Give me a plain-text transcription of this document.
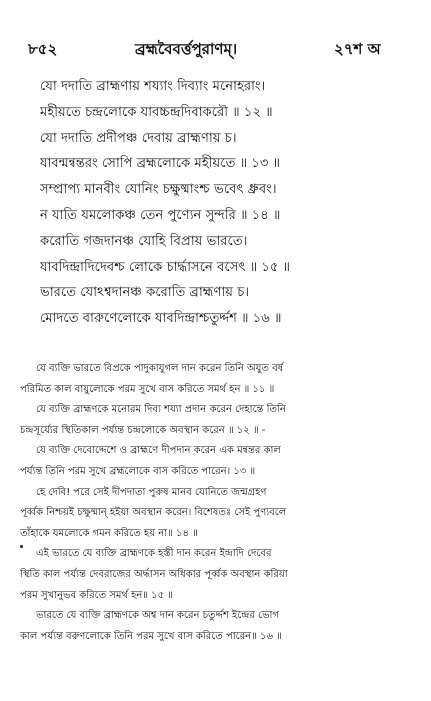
৮৫২	ব্রহ্মবৈবর্ত্তপুরাণম্।	২৭শ অ
যো দদাতি ব্রাহ্মণায় শয্যাং দিব্যাং মনোহরাং।
মহীয়তে চন্দ্রলোকে যাবচ্চন্দ্রদিবাকরৌ ॥ ১২ ॥
যো দদাতি প্রদীপঞ্চ দেবায় ব্রাহ্মণায় চ।
যাবন্মন্বন্তরং সোপি ব্রহ্মলোকে মহীয়তে ॥ ১৩ ॥
সম্প্রাপ্য মানবীং যোনিং চক্ষুষ্মাংশ্চ ভবেৎ ধ্রুবং।
ন যাতি যমলোকঞ্চ তেন পুণ্যেন সুন্দরি ॥ ১৪ ॥
করোতি গজদানঞ্চ যোহি বিপ্রায় ভারতে।
যাবদিন্দ্রাদিদেবশ্চ লোকে চার্দ্ধাসনে বসেৎ ॥ ১৫ ॥
ভারতে যোঽশ্বদানঞ্চ করোতি ব্রাহ্মণায় চ।
মোদতে বারুণেলোকে যাবদিন্দ্রাশ্চতুর্দ্দশ ॥ ১৬ ॥
যে ব্যক্তি ভারতে বিপ্রকে পাদুকাযুগল দান করেন তিনি অযুত বর্ষ
পরিমিত কাল বায়ুলোকে পরম সুখে বাস করিতে সমর্থ হন ॥ ১১ ॥
যে ব্যক্তি ব্রাহ্মণকে মনোরম দিব্য শয্যা প্রদান করেন দেহান্তে তিনি
চন্দ্রসূর্য্যের স্থিতিকাল পর্য্যন্ত চন্দ্রলোকে অবস্থান করেন ॥ ১২ ॥ -
যে ব্যক্তি দেবোদ্দেশে ও ব্রাহ্মণে দীপদান করেন এক মন্বন্তর কাল
পর্য্যন্ত তিনি পরম সুখে ব্রহ্মলোকে বাস করিতে পারেন। ১৩ ॥
হে দেবি! পরে সেই দীপদাতা পুরুষ মানব যোনিতে জন্মগ্রহণ
পূর্ব্বক নিশ্চয়ই চক্ষুষ্মান্ হইয়া অবস্থান করেন। বিশেষতঃ সেই পুণ্যবলে
তাঁহাকে যমলোকে গমন করিতে হয় না॥ ১৪ ॥
এই ভারতে যে ব্যক্তি ব্রাহ্মণকে হস্তী দান করেন ইন্দ্রাদি দেবের
স্থিতি কাল পর্য্যন্ত দেবরাজের অর্দ্ধাসন অধিকার পূর্ব্বক অবস্থান করিয়া
পরম সুখানুভব করিতে সমর্থ হন॥ ১৫ ॥
ভারতে যে ব্যক্তি ব্রাহ্মণকে অশ্ব দান করেন চতুর্দ্দশ ইন্দ্রের ভোগ
কাল পর্য্যন্ত বরুণলোকে তিনি পরম সুখে বাস করিতে পারেন॥ ১৬ ॥
